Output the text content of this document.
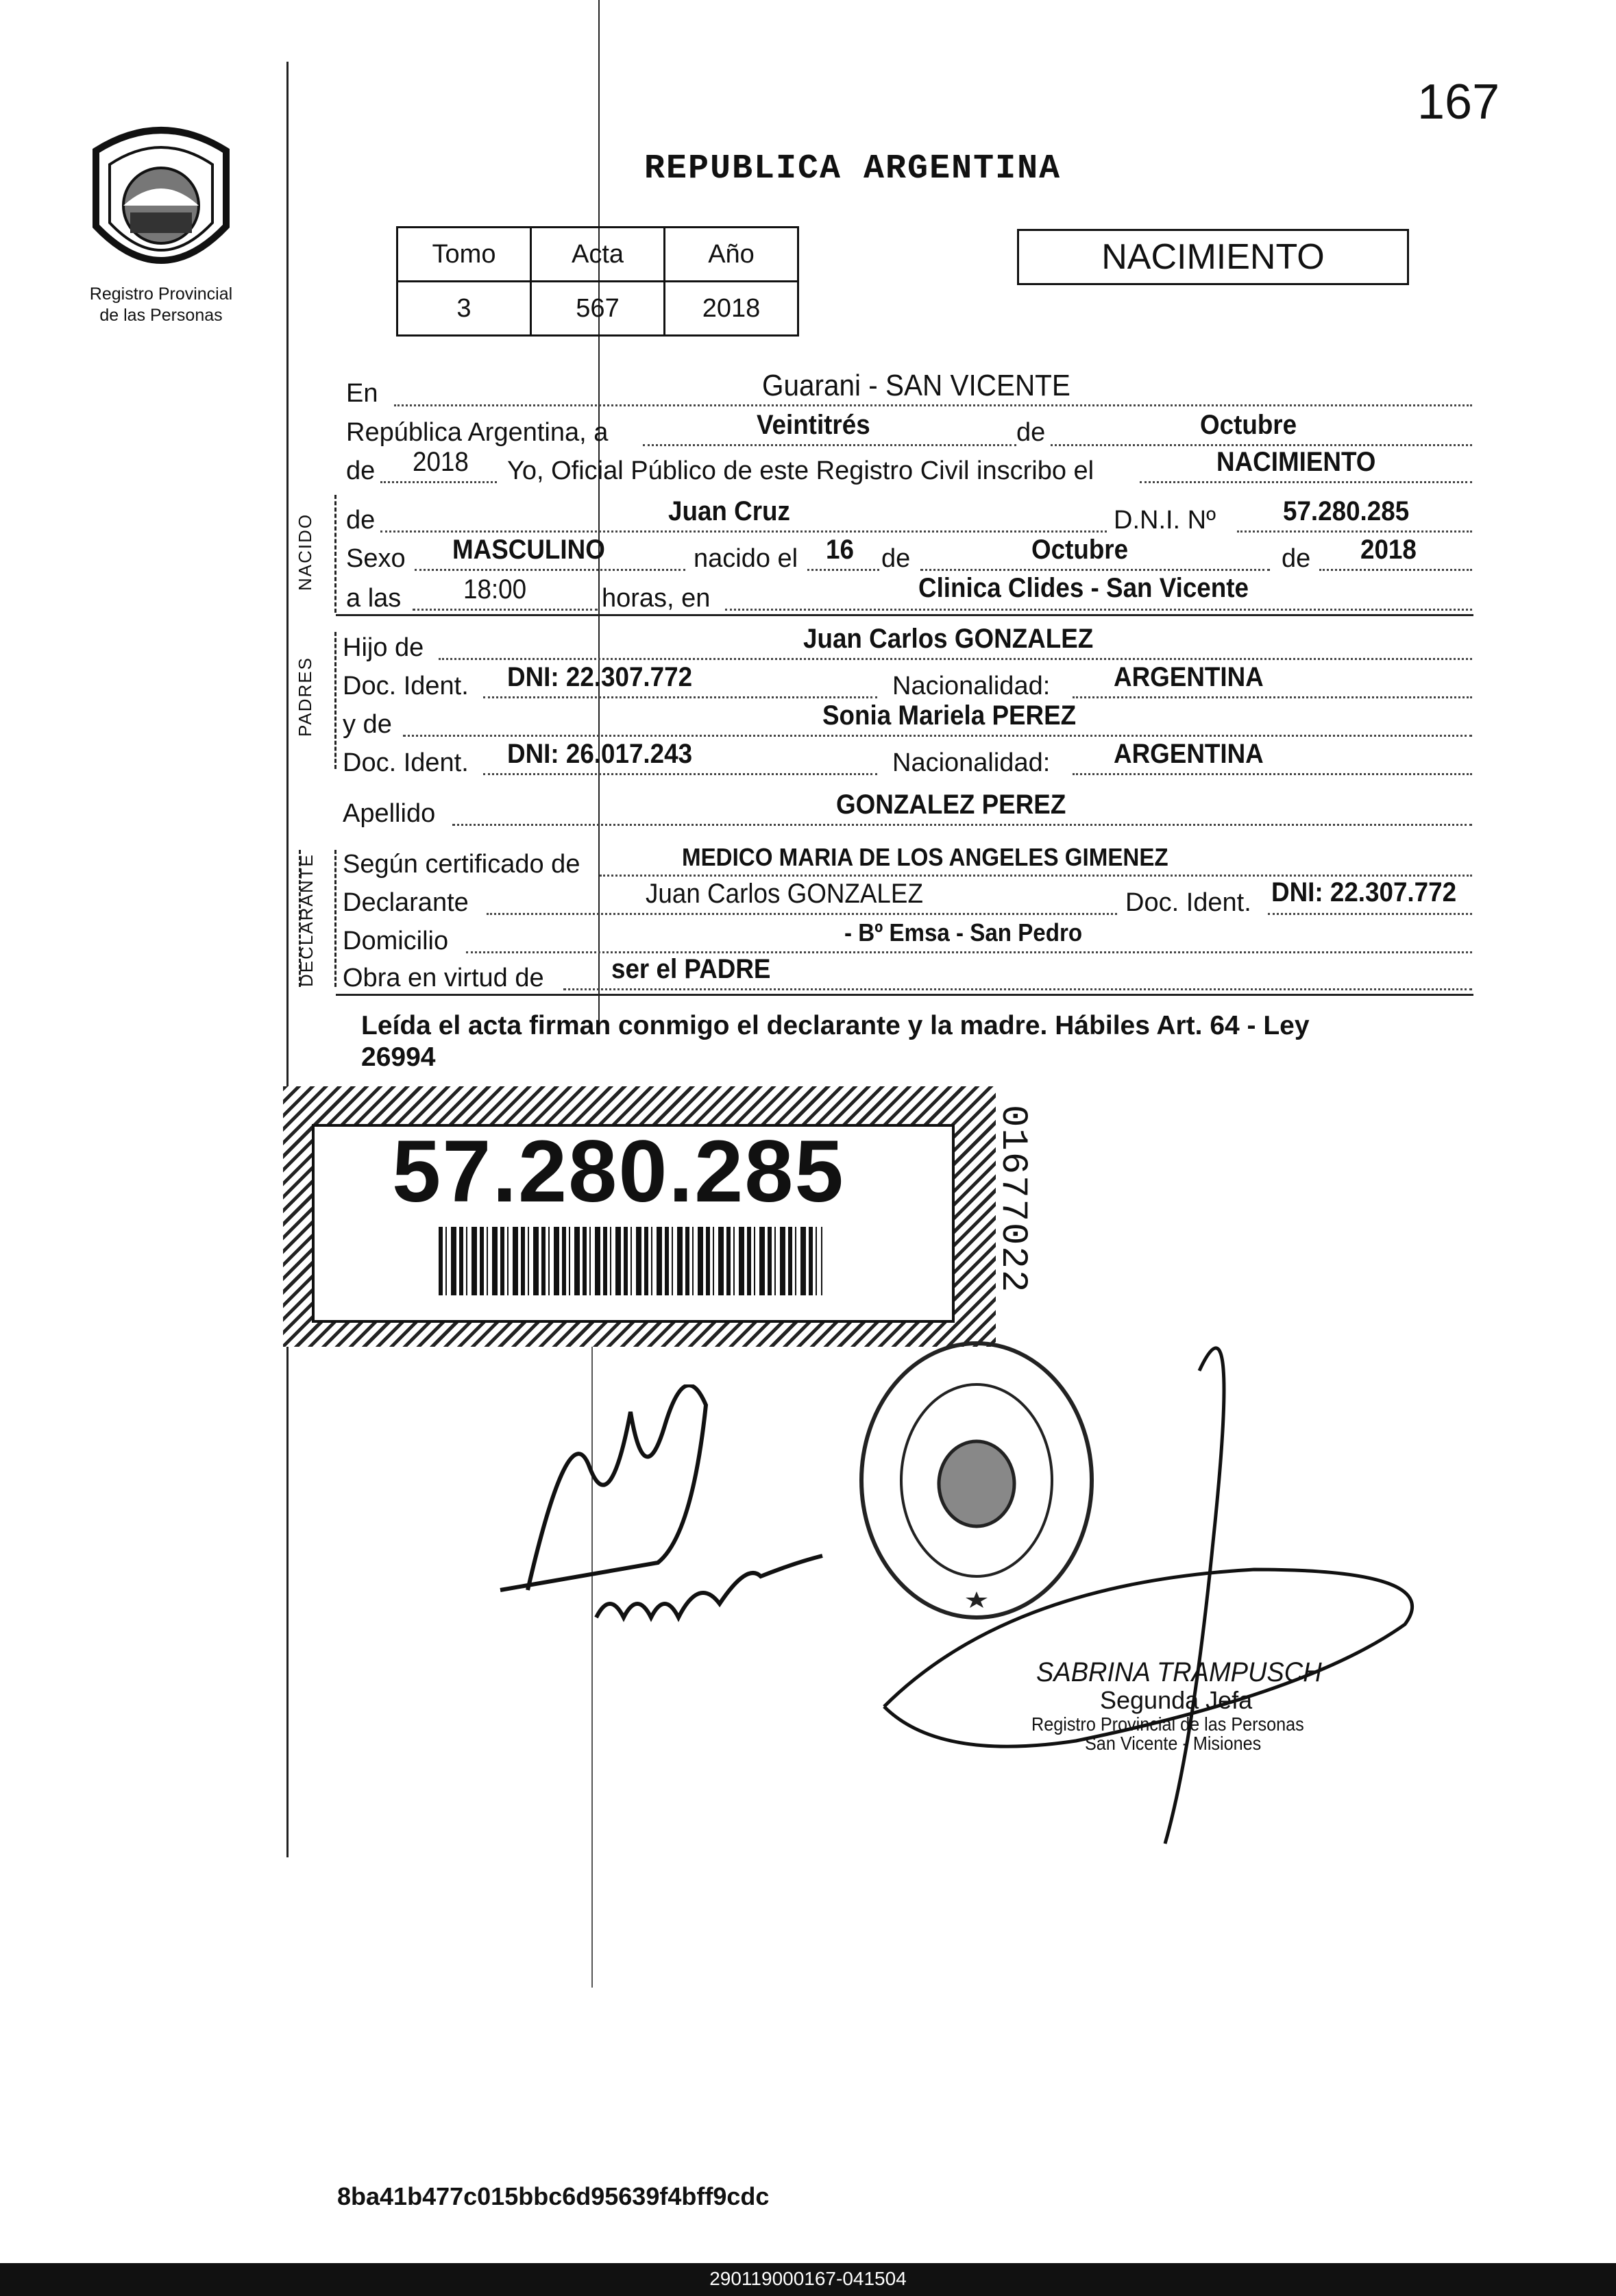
167
Registro Provincial
de las Personas
REPUBLICA ARGENTINA
Tomo	Acta	Año
3	567	2018
NACIMIENTO
En	Guarani - SAN VICENTE
República Argentina, a	Veintitrés	de	Octubre
de 2018 Yo, Oficial Público de este Registro Civil inscribo el	NACIMIENTO
NACIDO de	Juan Cruz	D.N.I. Nº 57.280.285
Sexo MASCULINO	nacido el 16 de	Octubre	de 2018
a las 18:00	horas, en	Clinica Clides - San Vicente
PADRES
Hijo de	Juan Carlos GONZALEZ
Doc. Ident. DNI: 22.307.772	Nacionalidad: ARGENTINA
y de	Sonia Mariela PEREZ
Doc. Ident. DNI: 26.017.243	Nacionalidad: ARGENTINA
Apellido	GONZALEZ PEREZ
DECLARANTE Según certificado de	MEDICO MARIA DE LOS ANGELES GIMENEZ
Declarante	Juan Carlos GONZALEZ	Doc. Ident. DNI: 22.307.772
Domicilio	- Bº Emsa - San Pedro
Obra en virtud de ser el PADRE
Leída el acta firman conmigo el declarante y la madre. Hábiles Art. 64 - Ley
26994
57.280.285	01677022
SABRINA TRAMPUSCH
Segunda Jefa
Registro Provincial de las Personas
San Vicente - Misiones
8ba41b477c015bbc6d95639f4bff9cdc
290119000167-041504
